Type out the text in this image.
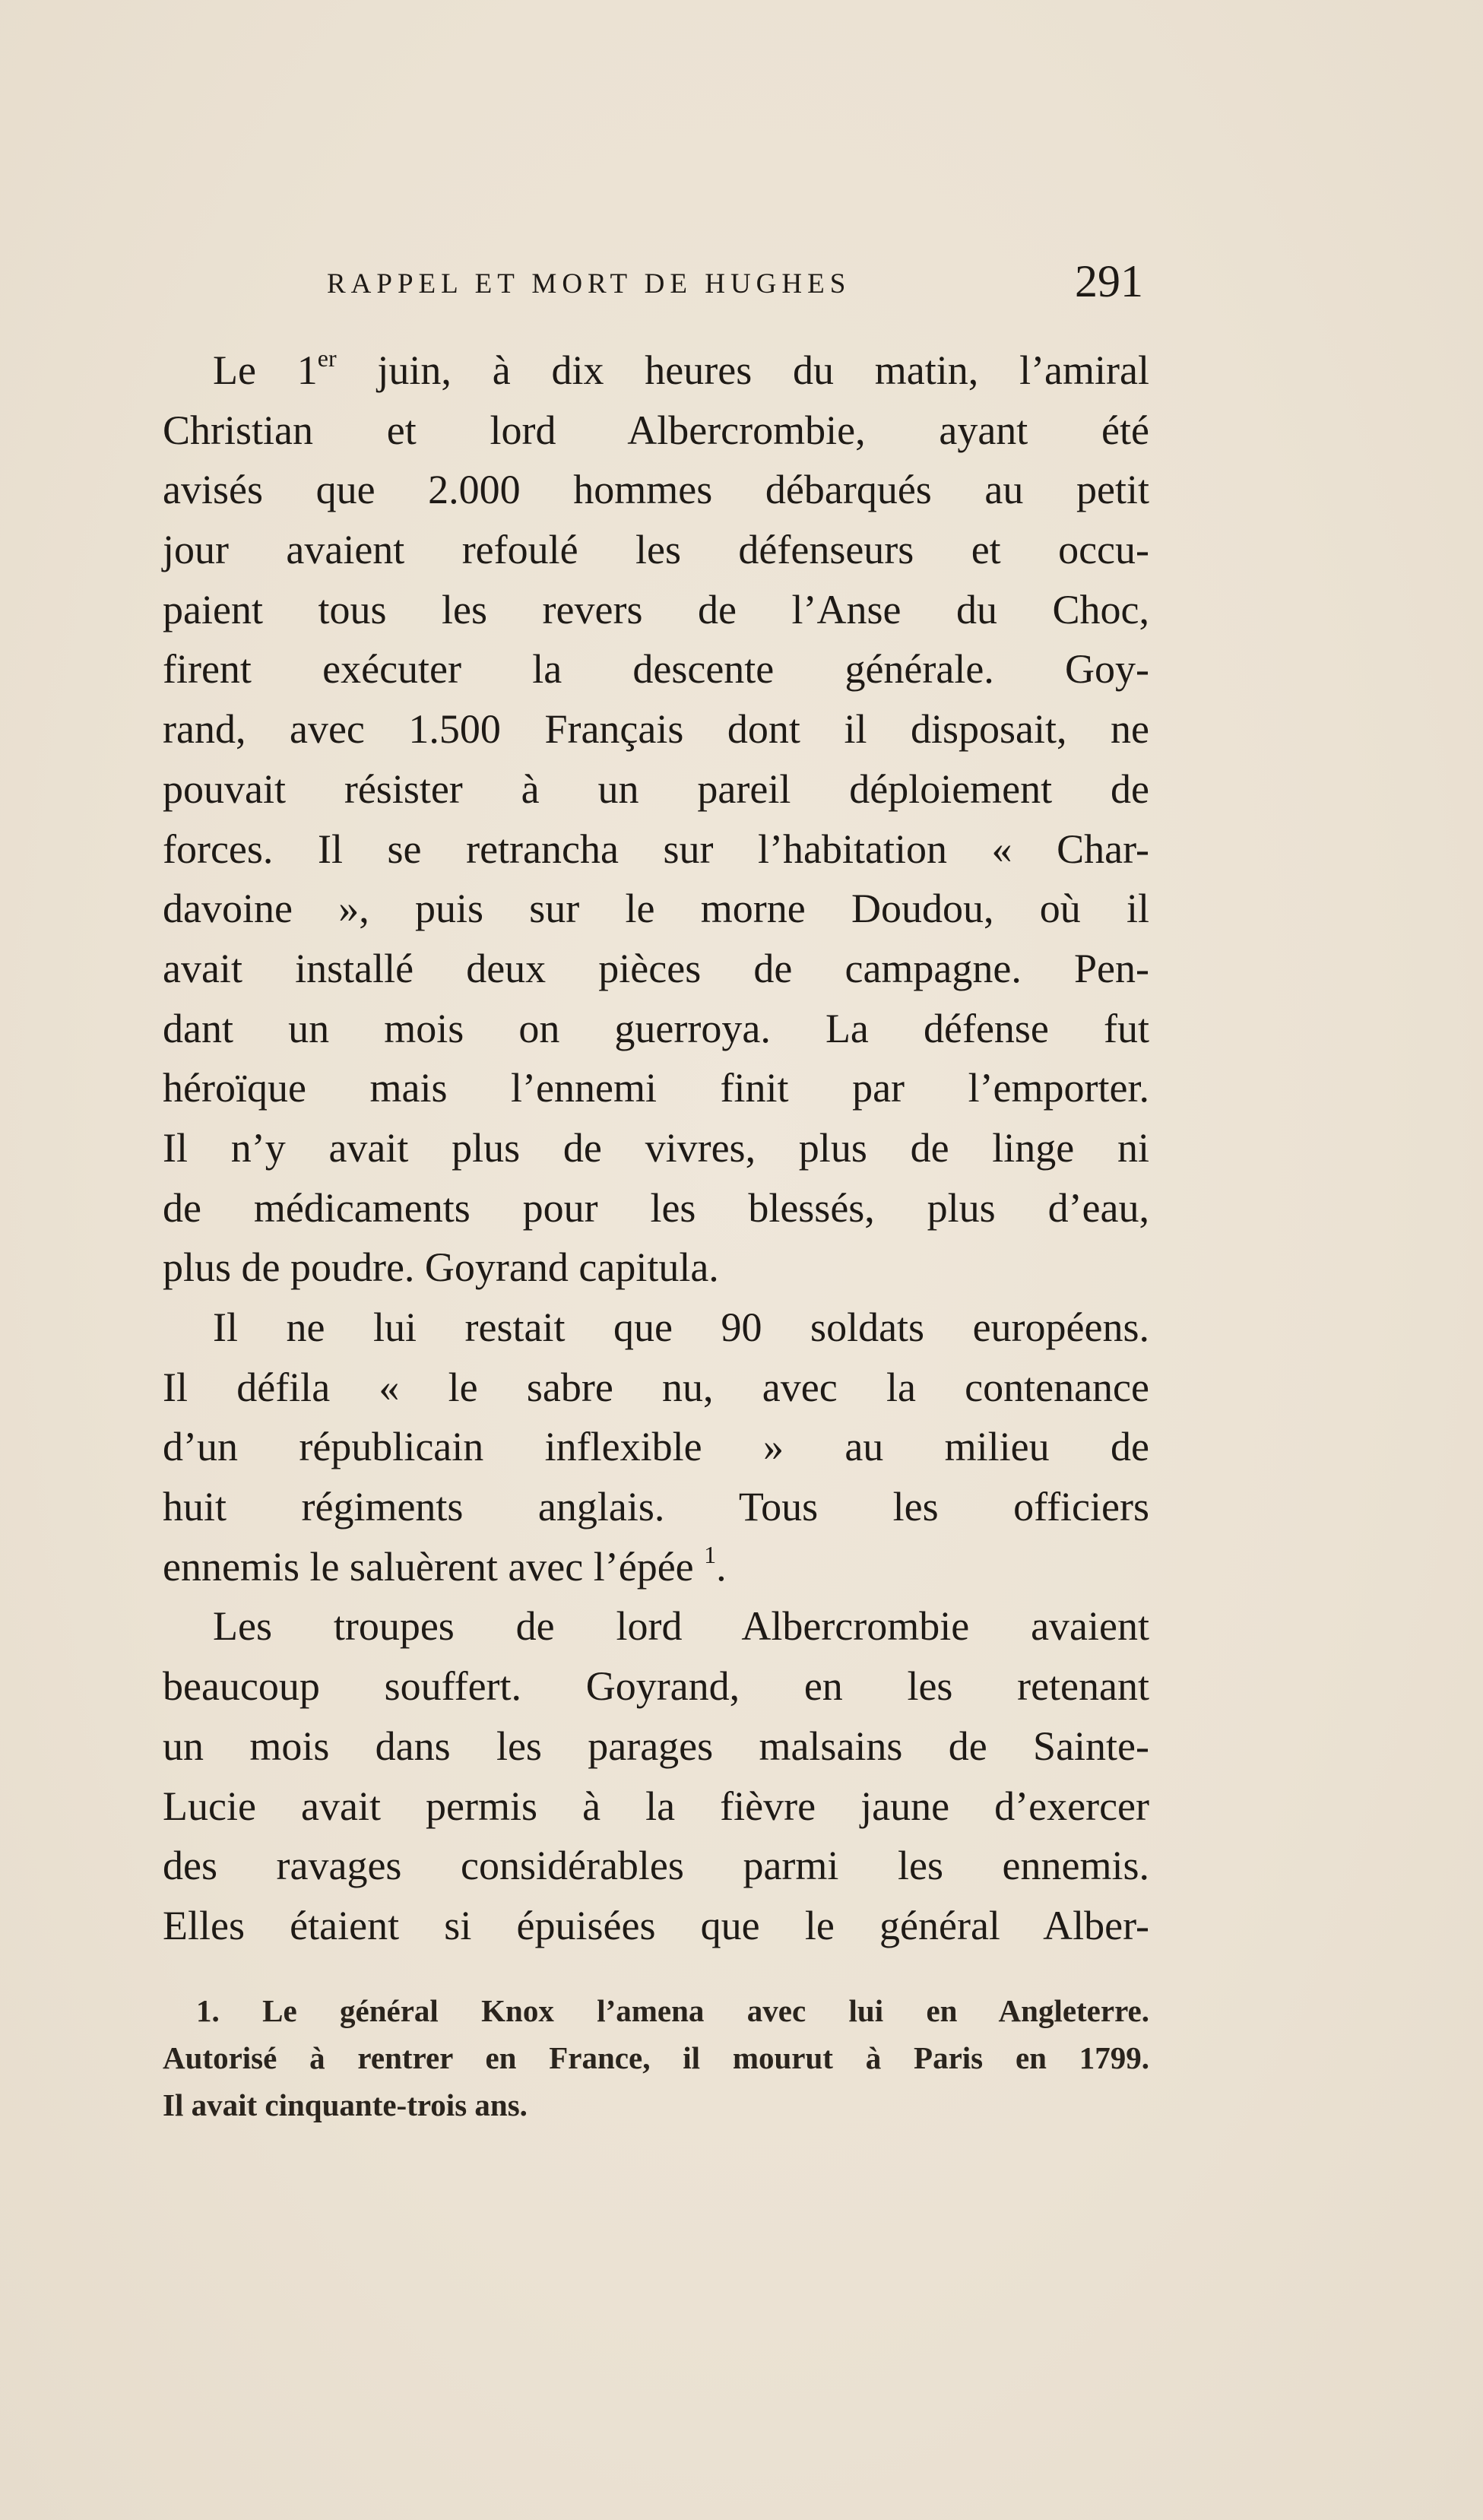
RAPPEL ET MORT DE HUGHES	291
Le 1er juin, à dix heures du matin, l’amiral
Christian et lord Albercrombie, ayant été
avisés que 2.000 hommes débarqués au petit
jour avaient refoulé les défenseurs et occu-
paient tous les revers de l’Anse du Choc,
firent exécuter la descente générale. Goy-
rand, avec 1.500 Français dont il disposait, ne
pouvait résister à un pareil déploiement de
forces. Il se retrancha sur l’habitation « Char-
davoine », puis sur le morne Doudou, où il
avait installé deux pièces de campagne. Pen-
dant un mois on guerroya. La défense fut
héroïque mais l’ennemi finit par l’emporter.
Il n’y avait plus de vivres, plus de linge ni
de médicaments pour les blessés, plus d’eau,
plus de poudre. Goyrand capitula.
Il ne lui restait que 90 soldats européens.
Il défila « le sabre nu, avec la contenance
d’un républicain inflexible » au milieu de
huit régiments anglais. Tous les officiers
ennemis le saluèrent avec l’épée $^1$.
Les troupes de lord Albercrombie avaient
beaucoup souffert. Goyrand, en les retenant
un mois dans les parages malsains de Sainte-
Lucie avait permis à la fièvre jaune d’exercer
des ravages considérables parmi les ennemis.
Elles étaient si épuisées que le général Alber-
1. Le général Knox l’amena avec lui en Angleterre.
Autorisé à rentrer en France, il mourut à Paris en 1799.
Il avait cinquante-trois ans.
